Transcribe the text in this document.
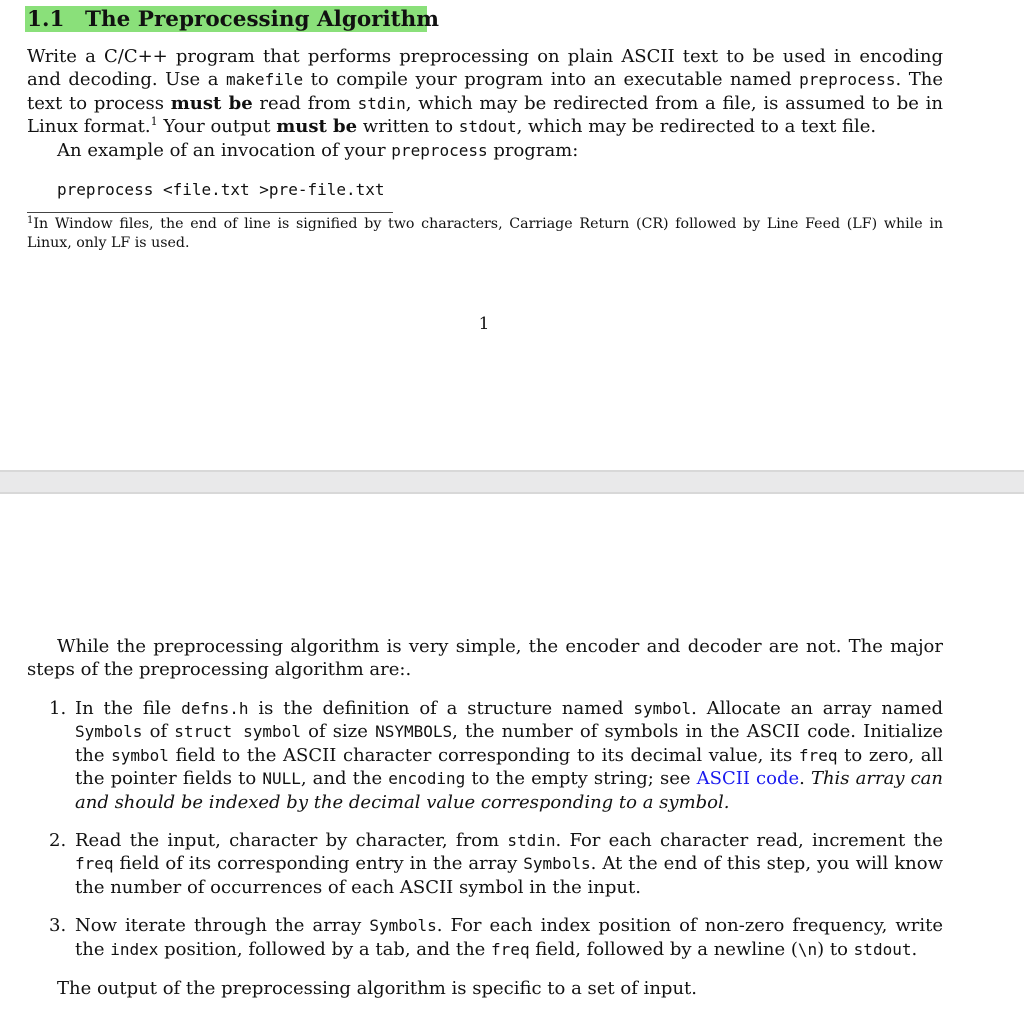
1.1 The Preprocessing Algorithm
Write a C/C++ program that performs preprocessing on plain ASCII text to be used in encoding and decoding. Use a makefile to compile your program into an executable named preprocess. The text to process must be read from stdin, which may be redirected from a file, is assumed to be in Linux format.$^1$ Your output must be written to stdout, which may be redirected to a text file.
An example of an invocation of your preprocess program:
preprocess <file.txt >pre-file.txt
$^1$In Window files, the end of line is signified by two characters, Carriage Return (CR) followed by Line Feed (LF) while in Linux, only LF is used.
1
While the preprocessing algorithm is very simple, the encoder and decoder are not. The major steps of the preprocessing algorithm are:.
1. In the file defns.h is the definition of a structure named symbol. Allocate an array named Symbols of struct symbol of size NSYMBOLS, the number of symbols in the ASCII code. Initialize the symbol field to the ASCII character corresponding to its decimal value, its freq to zero, all the pointer fields to NULL, and the encoding to the empty string; see ASCII code. This array can and should be indexed by the decimal value corresponding to a symbol.
2. Read the input, character by character, from stdin. For each character read, increment the freq field of its corresponding entry in the array Symbols. At the end of this step, you will know the number of occurrences of each ASCII symbol in the input.
3. Now iterate through the array Symbols. For each index position of non-zero frequency, write the index position, followed by a tab, and the freq field, followed by a newline (\n) to stdout.
The output of the preprocessing algorithm is specific to a set of input.
